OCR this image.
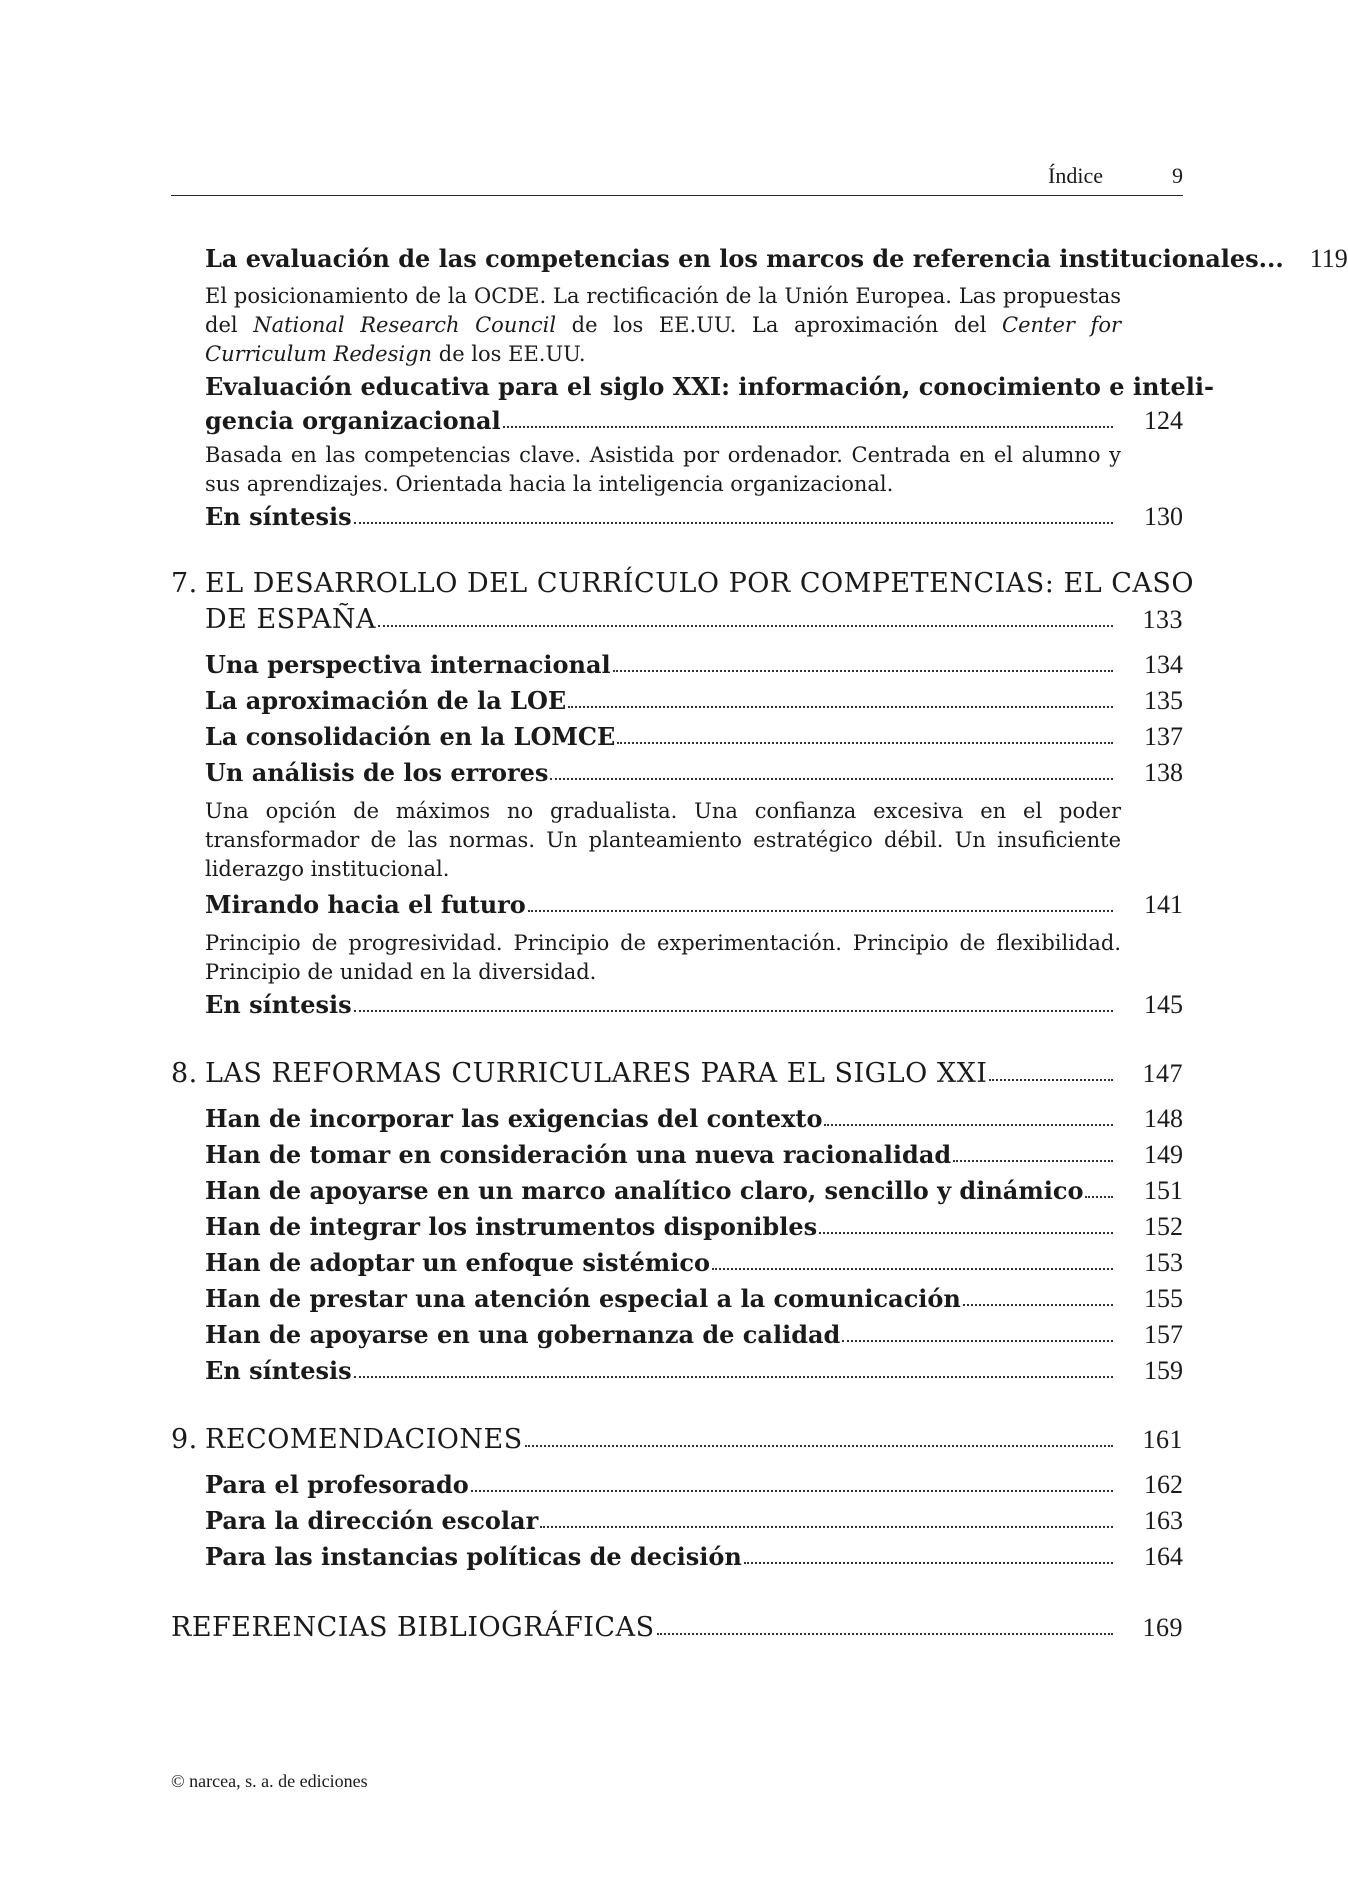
Índice	9
La evaluación de las competencias en los marcos de referencia institucionales... 119
El posicionamiento de la OCDE. La rectificación de la Unión Europea. Las propuestas del National Research Council de los EE.UU. La aproximación del Center for Curriculum Redesign de los EE.UU.
Evaluación educativa para el siglo XXI: información, conocimiento e inteli-
gencia organizacional	124
Basada en las competencias clave. Asistida por ordenador. Centrada en el alumno y sus aprendizajes. Orientada hacia la inteligencia organizacional.
En síntesis	130
7. EL DESARROLLO DEL CURRÍCULO POR COMPETENCIAS: EL CASO
DE ESPAÑA	133
Una perspectiva internacional	134
La aproximación de la LOE	135
La consolidación en la LOMCE	137
Un análisis de los errores	138
Una opción de máximos no gradualista. Una confianza excesiva en el poder transformador de las normas. Un planteamiento estratégico débil. Un insuficiente liderazgo institucional.
Mirando hacia el futuro	141
Principio de progresividad. Principio de experimentación. Principio de flexibilidad. Principio de unidad en la diversidad.
En síntesis	145
8. LAS REFORMAS CURRICULARES PARA EL SIGLO XXI	147
Han de incorporar las exigencias del contexto	148
Han de tomar en consideración una nueva racionalidad	149
Han de apoyarse en un marco analítico claro, sencillo y dinámico	151
Han de integrar los instrumentos disponibles	152
Han de adoptar un enfoque sistémico	153
Han de prestar una atención especial a la comunicación	155
Han de apoyarse en una gobernanza de calidad	157
En síntesis	159
9. RECOMENDACIONES	161
Para el profesorado	162
Para la dirección escolar	163
Para las instancias políticas de decisión	164
REFERENCIAS BIBLIOGRÁFICAS	169
© narcea, s. a. de ediciones
